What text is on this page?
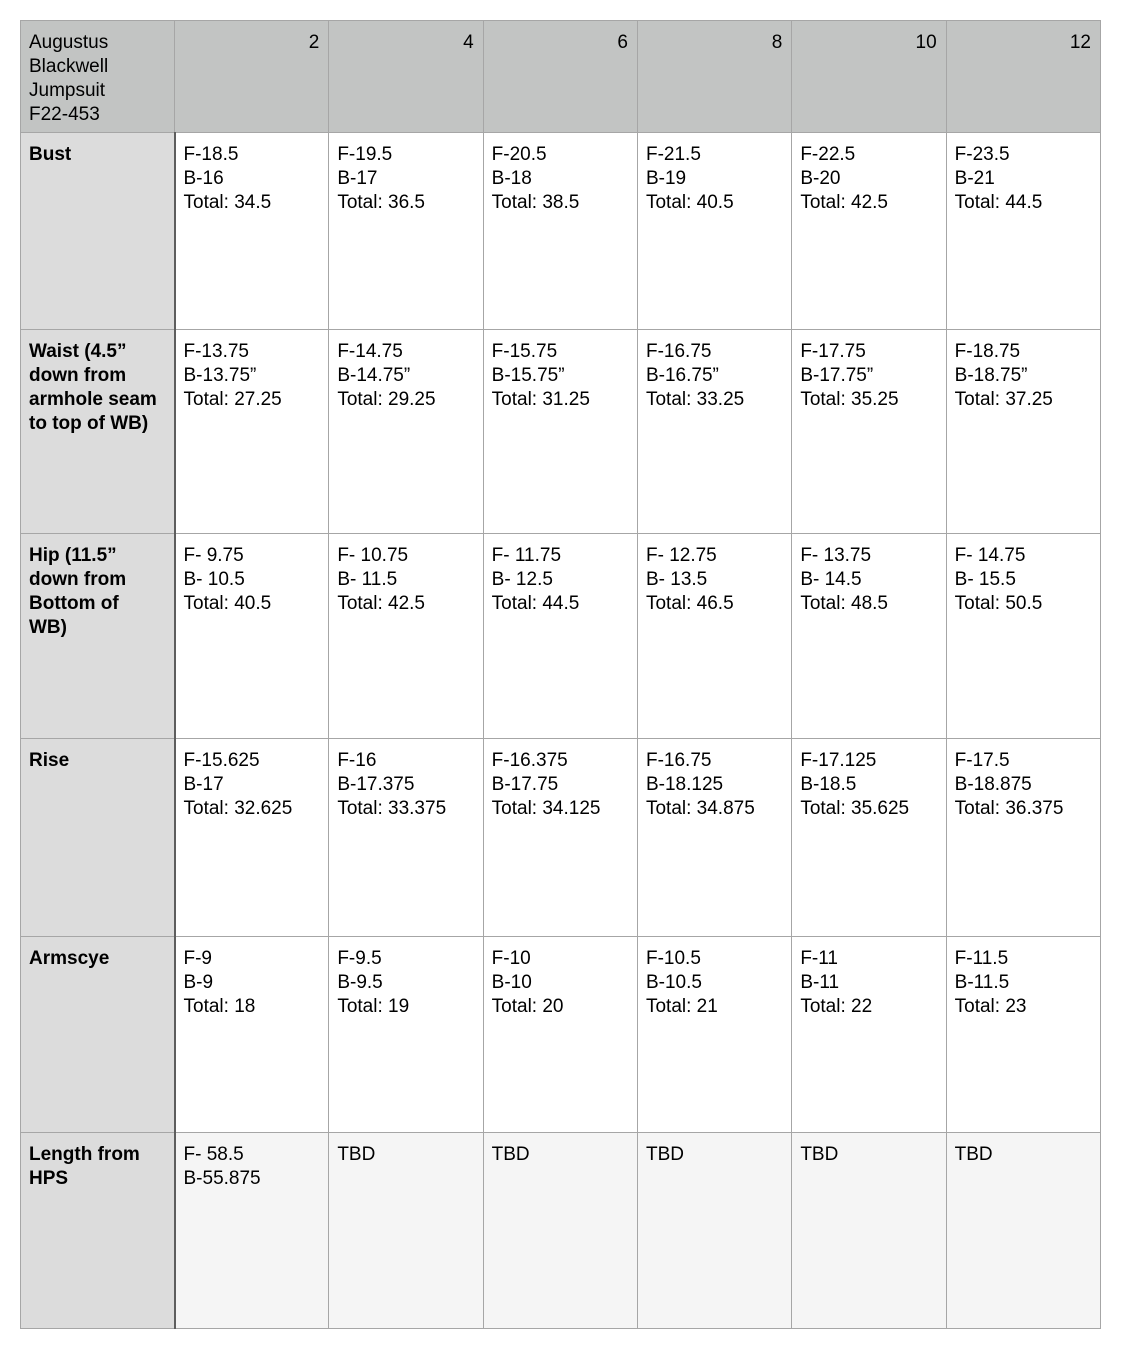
Augustus
Blackwell
Jumpsuit
F22-453	2	4	6	8	10	12

Bust	F-18.5
B-16
Total: 34.5	F-19.5
B-17
Total: 36.5	F-20.5
B-18
Total: 38.5	F-21.5
B-19
Total: 40.5	F-22.5
B-20
Total: 42.5	F-23.5
B-21
Total: 44.5

Waist (4.5”
down from
armhole seam
to top of WB)	F-13.75
B-13.75”
Total: 27.25	F-14.75
B-14.75”
Total: 29.25	F-15.75
B-15.75”
Total: 31.25	F-16.75
B-16.75”
Total: 33.25	F-17.75
B-17.75”
Total: 35.25	F-18.75
B-18.75”
Total: 37.25

Hip (11.5”
down from
Bottom of
WB)	F- 9.75
B- 10.5
Total: 40.5	F- 10.75
B- 11.5
Total: 42.5	F- 11.75
B- 12.5
Total: 44.5	F- 12.75
B- 13.5
Total: 46.5	F- 13.75
B- 14.5
Total: 48.5	F- 14.75
B- 15.5
Total: 50.5

Rise	F-15.625
B-17
Total: 32.625	F-16
B-17.375
Total: 33.375	F-16.375
B-17.75
Total: 34.125	F-16.75
B-18.125
Total: 34.875	F-17.125
B-18.5
Total: 35.625	F-17.5
B-18.875
Total: 36.375

Armscye	F-9
B-9
Total: 18	F-9.5
B-9.5
Total: 19	F-10
B-10
Total: 20	F-10.5
B-10.5
Total: 21	F-11
B-11
Total: 22	F-11.5
B-11.5
Total: 23

Length from
HPS	F- 58.5
B-55.875	TBD	TBD	TBD	TBD	TBD
